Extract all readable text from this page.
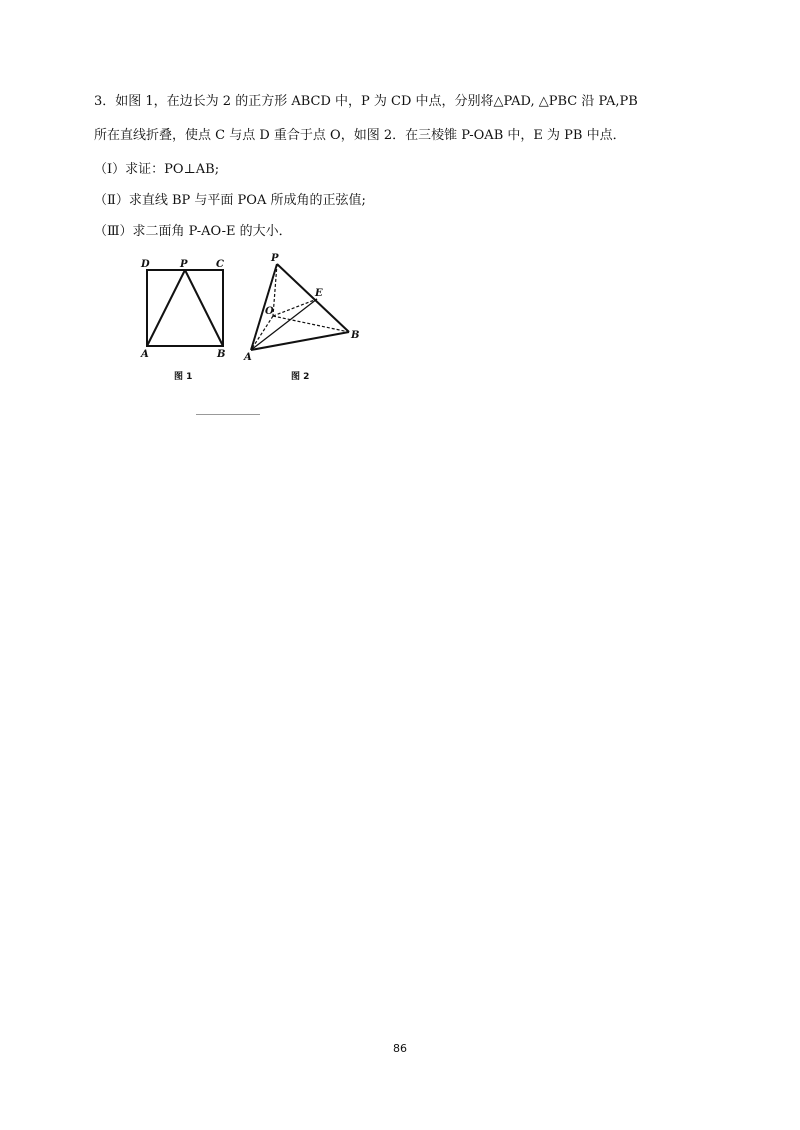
3．如图 1，在边长为 2 的正方形 ABCD 中，P 为 CD 中点，分别将△PAD, △PBC 沿 PA,PB
所在直线折叠，使点 C 与点 D 重合于点 O，如图 2．在三棱锥 P-OAB 中，E 为 PB 中点．
（Ⅰ）求证：PO⊥AB;
（Ⅱ）求直线 BP 与平面 POA 所成角的正弦值;
（Ⅲ）求二面角 P-AO-E 的大小．
D	P	C
A	B
图 1
P
E
O
B
A
图 2
86
